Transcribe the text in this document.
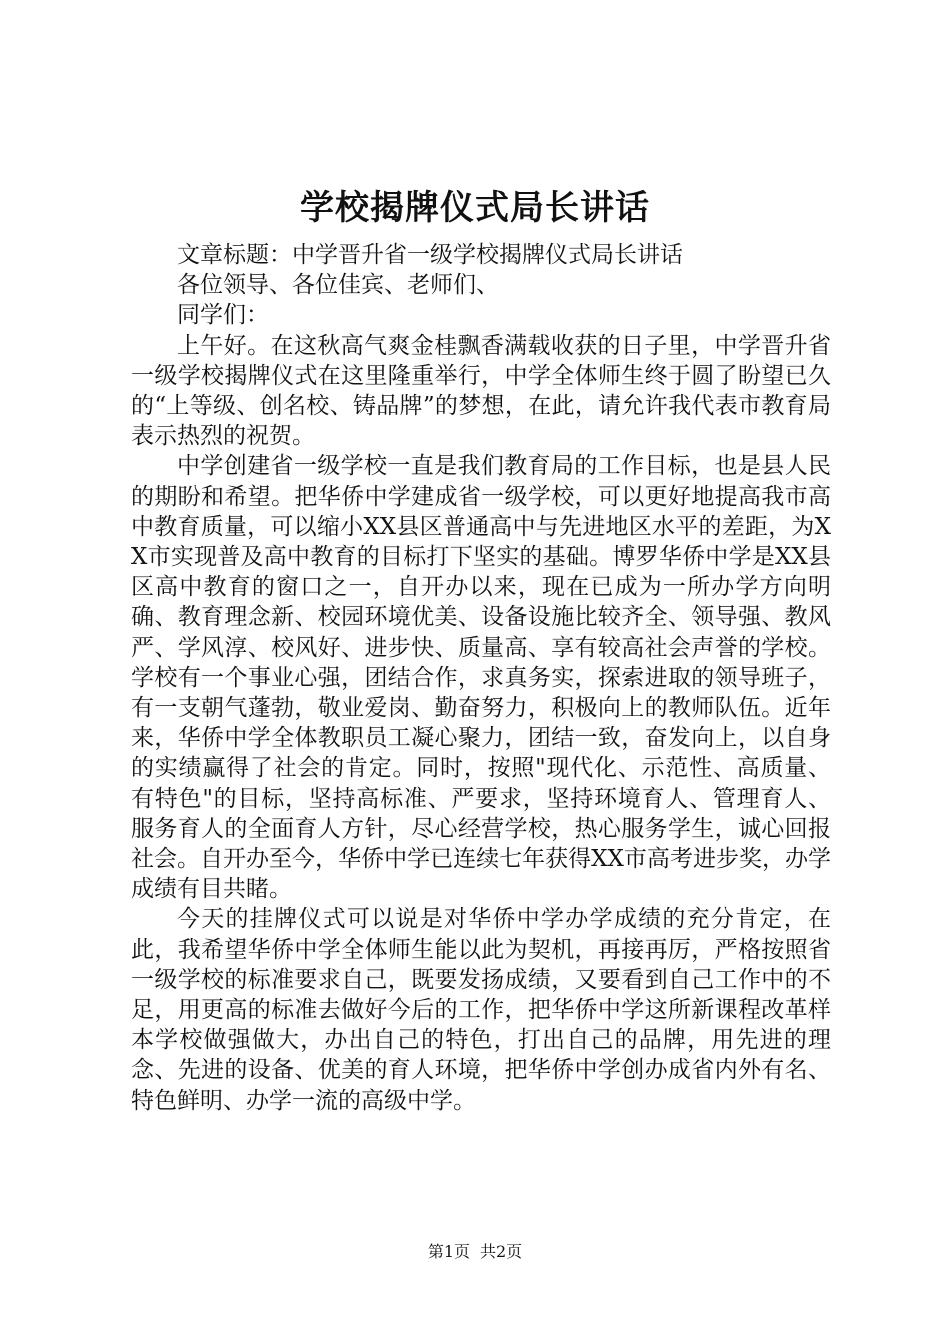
学校揭牌仪式局长讲话

文章标题：中学晋升省一级学校揭牌仪式局长讲话

各位领导、各位佳宾、老师们、

同学们：

上午好。在这秋高气爽金桂飘香满载收获的日子里，中学晋升省一级学校揭牌仪式在这里隆重举行，中学全体师生终于圆了盼望已久的“上等级、创名校、铸品牌”的梦想，在此，请允许我代表市教育局表示热烈的祝贺。

中学创建省一级学校一直是我们教育局的工作目标，也是县人民的期盼和希望。把华侨中学建成省一级学校，可以更好地提高我市高中教育质量，可以缩小XX县区普通高中与先进地区水平的差距，为XX市实现普及高中教育的目标打下坚实的基础。博罗华侨中学是XX县区高中教育的窗口之一，自开办以来，现在已成为一所办学方向明确、教育理念新、校园环境优美、设备设施比较齐全、领导强、教风严、学风淳、校风好、进步快、质量高、享有较高社会声誉的学校。学校有一个事业心强，团结合作，求真务实，探索进取的领导班子，有一支朝气蓬勃，敬业爱岗、勤奋努力，积极向上的教师队伍。近年来，华侨中学全体教职员工凝心聚力，团结一致，奋发向上，以自身的实绩赢得了社会的肯定。同时，按照"现代化、示范性、高质量、有特色"的目标，坚持高标准、严要求，坚持环境育人、管理育人、服务育人的全面育人方针，尽心经营学校，热心服务学生，诚心回报社会。自开办至今，华侨中学已连续七年获得XX市高考进步奖，办学成绩有目共睹。

今天的挂牌仪式可以说是对华侨中学办学成绩的充分肯定，在此，我希望华侨中学全体师生能以此为契机，再接再厉，严格按照省一级学校的标准要求自己，既要发扬成绩，又要看到自己工作中的不足，用更高的标准去做好今后的工作，把华侨中学这所新课程改革样本学校做强做大，办出自己的特色，打出自己的品牌，用先进的理念、先进的设备、优美的育人环境，把华侨中学创办成省内外有名、特色鲜明、办学一流的高级中学。

第1页 共2页
